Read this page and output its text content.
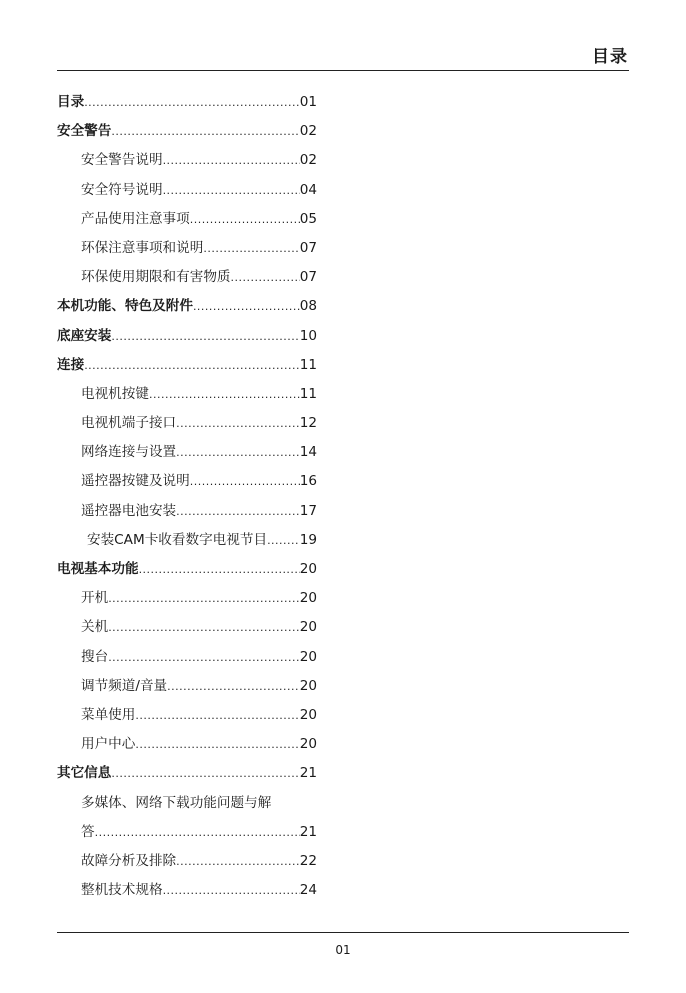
目录
目录 .....	01
安全警告 .....	02
安全警告说明 .....	02
安全符号说明 .....	04
产品使用注意事项 .....	05
环保注意事项和说明 .....	07
环保使用期限和有害物质 .....	07
本机功能、特色及附件 .....	08
底座安装 .....	10
连接 .....	11
电视机按键 .....	11
电视机端子接口 .....	12
网络连接与设置 .....	14
遥控器按键及说明 .....	16
遥控器电池安装 .....	17
安装CAM卡收看数字电视节目 ..... 19
电视基本功能 .....	20
开机 .....	20
关机 .....	20
搜台 .....	20
调节频道/音量 .....	20
菜单使用 .....	20
用户中心 .....	20
其它信息 .....	21
多媒体、网络下载功能问题与解
答 .....	21
故障分析及排除 .....	22
整机技术规格 .....	24
01
